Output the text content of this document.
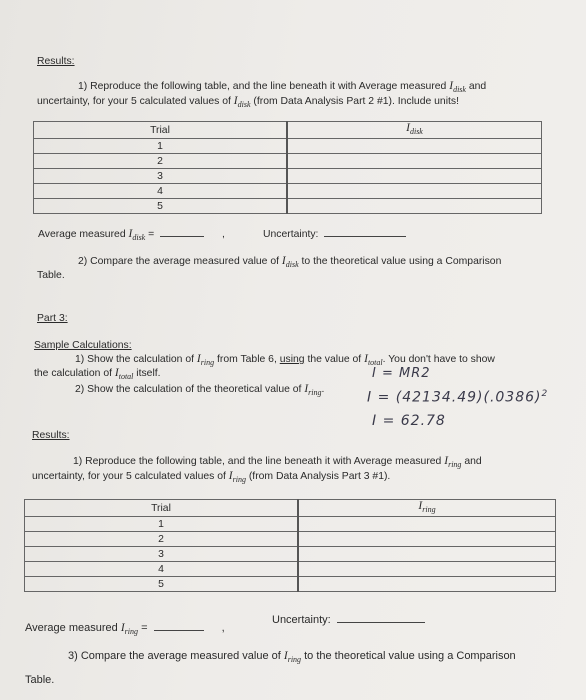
Results:
1) Reproduce the following table, and the line beneath it with Average measured $I_{disk}$ and
uncertainty, for your 5 calculated values of $I_{disk}$ (from Data Analysis Part 2 #1). Include units!
Trial	$I_{disk}$
1	
2	
3	
4	
5	
Average measured $I_{disk}$ =	,	Uncertainty:
2) Compare the average measured value of $I_{disk}$ to the theoretical value using a Comparison
Table.
Part 3:
Sample Calculations:
1) Show the calculation of $I_{ring}$ from Table 6, using the value of $I_{total}$. You don't have to show
the calculation of $I_{total}$ itself.
2) Show the calculation of the theoretical value of $I_{ring}$.
I = MR2
$I = (42134.49)(.0386)^2$
I = 62.78
Results:
1) Reproduce the following table, and the line beneath it with Average measured $I_{ring}$ and
uncertainty, for your 5 calculated values of $I_{ring}$ (from Data Analysis Part 3 #1).
Trial	$I_{ring}$
1	
2	
3	
4	
5	
Average measured $I_{ring}$ =	,
Uncertainty:
3) Compare the average measured value of $I_{ring}$ to the theoretical value using a Comparison
Table.
